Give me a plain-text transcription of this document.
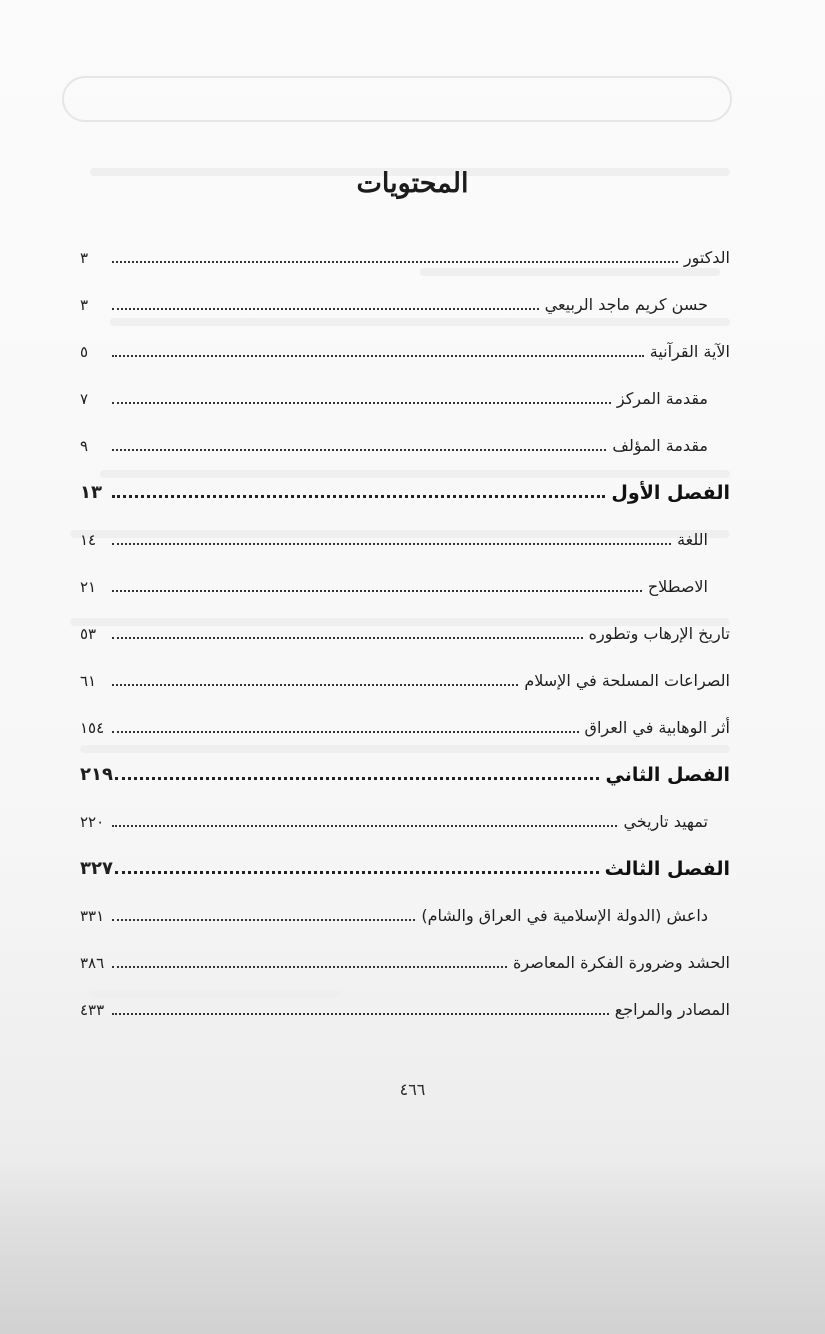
المحتويات
الدكتور
٣
حسن كريم ماجد الربيعي
٣
الآية القرآنية
٥
مقدمة المركز
٧
مقدمة المؤلف
٩
الفصل الأول
١٣
اللغة
١٤
الاصطلاح
٢١
تاريخ الإرهاب وتطوره
٥٣
الصراعات المسلحة في الإسلام
٦١
أثر الوهابية في العراق
١٥٤
الفصل الثاني
٢١٩
تمهيد تاريخي
٢٢٠
الفصل الثالث
٣٢٧
داعش (الدولة الإسلامية في العراق والشام)
٣٣١
الحشد وضرورة الفكرة المعاصرة
٣٨٦
المصادر والمراجع
٤٣٣
٤٦٦
